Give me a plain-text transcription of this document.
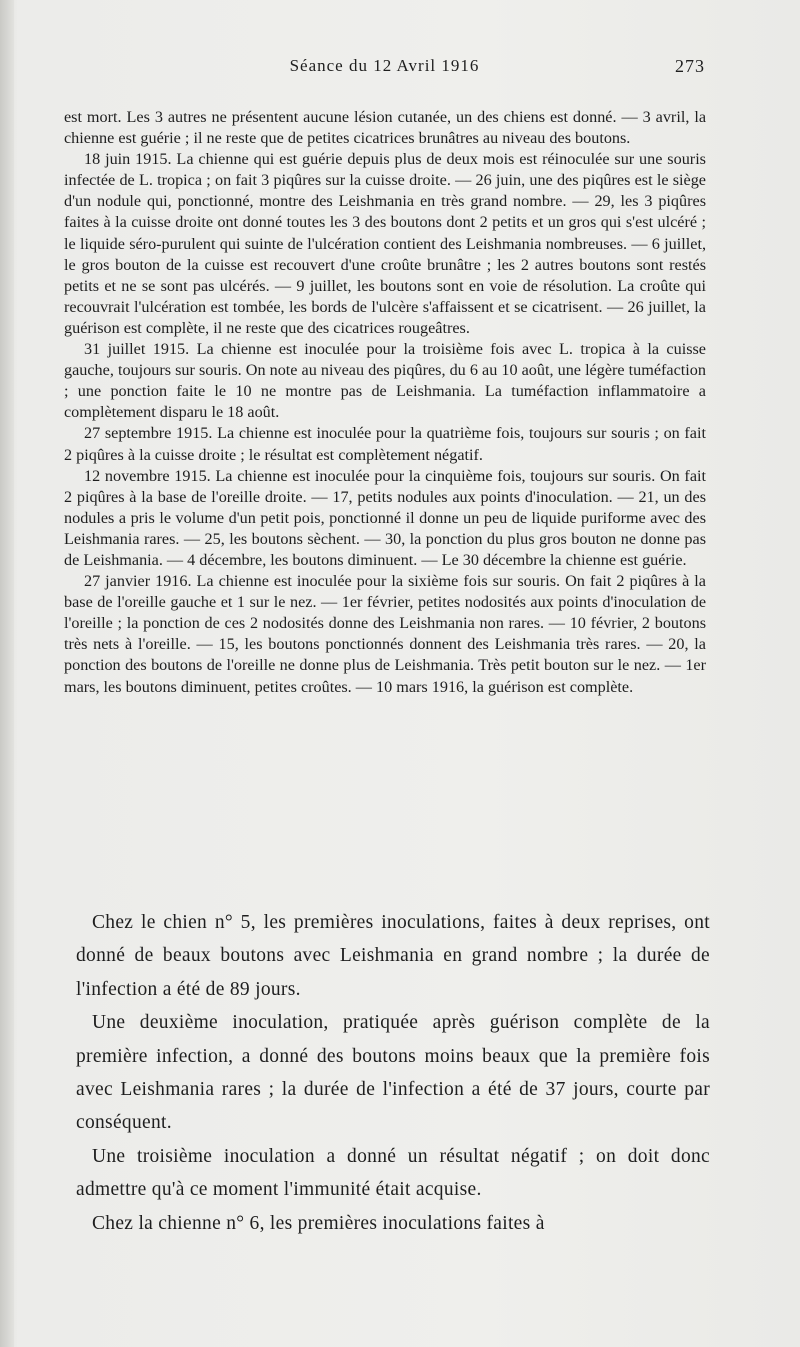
Séance du 12 Avril 1916	273

est mort. Les 3 autres ne présentent aucune lésion cutanée, un des chiens est donné. — 3 avril, la chienne est guérie ; il ne reste que de petites cicatrices brunâtres au niveau des boutons.

18 juin 1915. La chienne qui est guérie depuis plus de deux mois est réinoculée sur une souris infectée de L. tropica ; on fait 3 piqûres sur la cuisse droite. — 26 juin, une des piqûres est le siège d'un nodule qui, ponctionné, montre des Leishmania en très grand nombre. — 29, les 3 piqûres faites à la cuisse droite ont donné toutes les 3 des boutons dont 2 petits et un gros qui s'est ulcéré ; le liquide séro-purulent qui suinte de l'ulcération contient des Leishmania nombreuses. — 6 juillet, le gros bouton de la cuisse est recouvert d'une croûte brunâtre ; les 2 autres boutons sont restés petits et ne se sont pas ulcérés. — 9 juillet, les boutons sont en voie de résolution. La croûte qui recouvrait l'ulcération est tombée, les bords de l'ulcère s'affaissent et se cicatrisent. — 26 juillet, la guérison est complète, il ne reste que des cicatrices rougeâtres.

31 juillet 1915. La chienne est inoculée pour la troisième fois avec L. tropica à la cuisse gauche, toujours sur souris. On note au niveau des piqûres, du 6 au 10 août, une légère tuméfaction ; une ponction faite le 10 ne montre pas de Leishmania. La tuméfaction inflammatoire a complètement disparu le 18 août.

27 septembre 1915. La chienne est inoculée pour la quatrième fois, toujours sur souris ; on fait 2 piqûres à la cuisse droite ; le résultat est complètement négatif.

12 novembre 1915. La chienne est inoculée pour la cinquième fois, toujours sur souris. On fait 2 piqûres à la base de l'oreille droite. — 17, petits nodules aux points d'inoculation. — 21, un des nodules a pris le volume d'un petit pois, ponctionné il donne un peu de liquide puriforme avec des Leishmania rares. — 25, les boutons sèchent. — 30, la ponction du plus gros bouton ne donne pas de Leishmania. — 4 décembre, les boutons diminuent. — Le 30 décembre la chienne est guérie.

27 janvier 1916. La chienne est inoculée pour la sixième fois sur souris. On fait 2 piqûres à la base de l'oreille gauche et 1 sur le nez. — 1er février, petites nodosités aux points d'inoculation de l'oreille ; la ponction de ces 2 nodosités donne des Leishmania non rares. — 10 février, 2 boutons très nets à l'oreille. — 15, les boutons ponctionnés donnent des Leishmania très rares. — 20, la ponction des boutons de l'oreille ne donne plus de Leishmania. Très petit bouton sur le nez. — 1er mars, les boutons diminuent, petites croûtes. — 10 mars 1916, la guérison est complète.

Chez le chien n° 5, les premières inoculations, faites à deux reprises, ont donné de beaux boutons avec Leishmania en grand nombre ; la durée de l'infection a été de 89 jours.

Une deuxième inoculation, pratiquée après guérison complète de la première infection, a donné des boutons moins beaux que la première fois avec Leishmania rares ; la durée de l'infection a été de 37 jours, courte par conséquent.

Une troisième inoculation a donné un résultat négatif ; on doit donc admettre qu'à ce moment l'immunité était acquise.

Chez la chienne n° 6, les premières inoculations faites à
